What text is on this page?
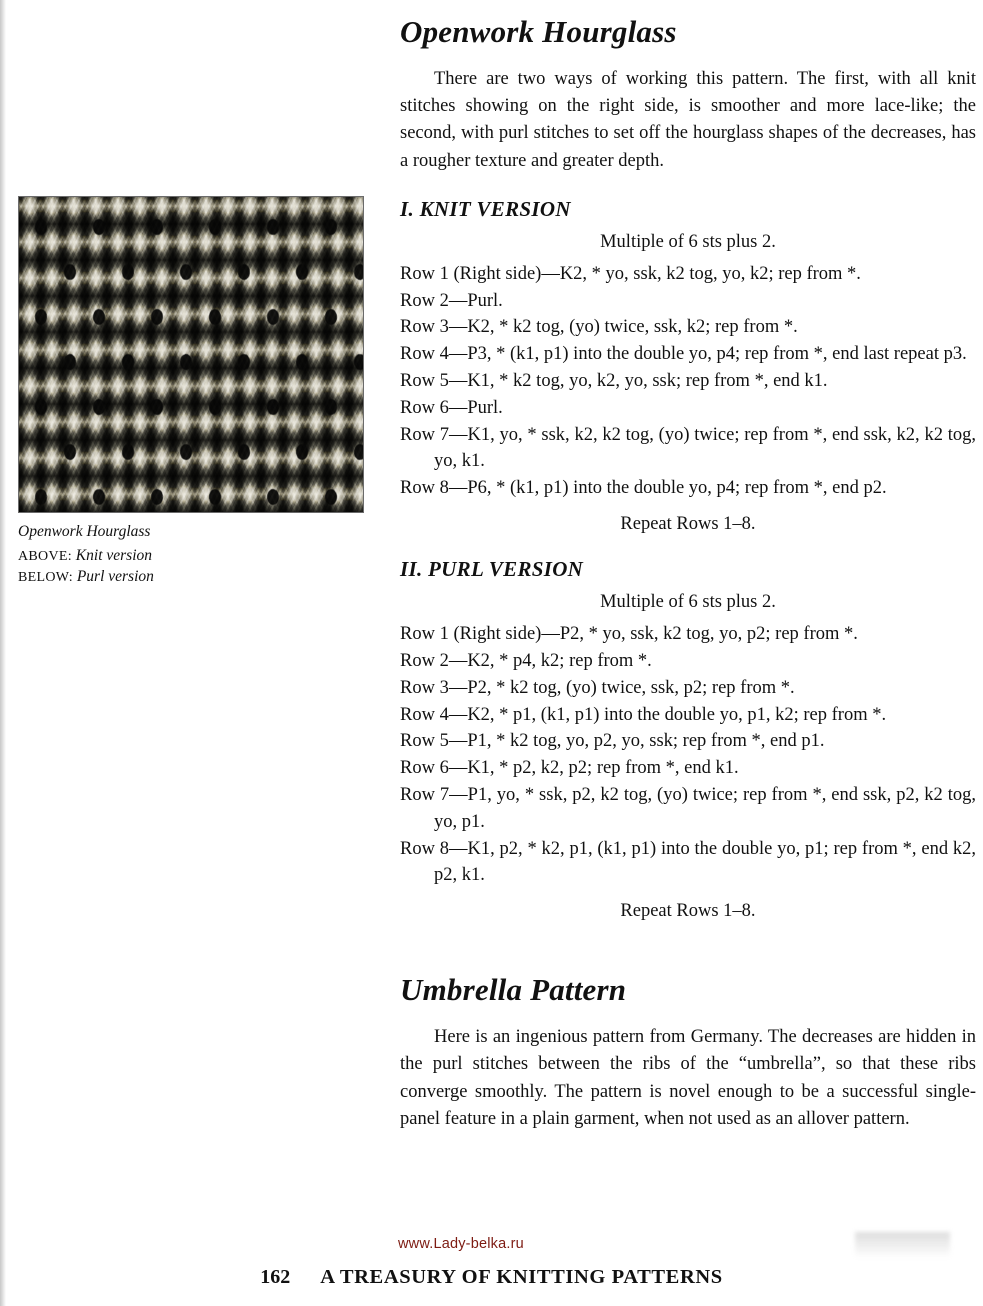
Openwork Hourglass
ABOVE: Knit version
BELOW: Purl version
Openwork Hourglass

There are two ways of working this pattern. The first, with all knit stitches showing on the right side, is smoother and more lace-like; the second, with purl stitches to set off the hourglass shapes of the decreases, has a rougher texture and greater depth.

I. KNIT VERSION
Multiple of 6 sts plus 2.

Row 1 (Right side)—K2, * yo, ssk, k2 tog, yo, k2; rep from *.

Row 2—Purl.

Row 3—K2, * k2 tog, (yo) twice, ssk, k2; rep from *.

Row 4—P3, * (k1, p1) into the double yo, p4; rep from *, end last repeat p3.

Row 5—K1, * k2 tog, yo, k2, yo, ssk; rep from *, end k1.

Row 6—Purl.

Row 7—K1, yo, * ssk, k2, k2 tog, (yo) twice; rep from *, end ssk, k2, k2 tog, yo, k1.

Row 8—P6, * (k1, p1) into the double yo, p4; rep from *, end p2.

Repeat Rows 1–8.
II. PURL VERSION
Multiple of 6 sts plus 2.

Row 1 (Right side)—P2, * yo, ssk, k2 tog, yo, p2; rep from *.

Row 2—K2, * p4, k2; rep from *.

Row 3—P2, * k2 tog, (yo) twice, ssk, p2; rep from *.

Row 4—K2, * p1, (k1, p1) into the double yo, p1, k2; rep from *.

Row 5—P1, * k2 tog, yo, p2, yo, ssk; rep from *, end p1.

Row 6—K1, * p2, k2, p2; rep from *, end k1.

Row 7—P1, yo, * ssk, p2, k2 tog, (yo) twice; rep from *, end ssk, p2, k2 tog, yo, p1.

Row 8—K1, p2, * k2, p1, (k1, p1) into the double yo, p1; rep from *, end k2, p2, k1.

Repeat Rows 1–8.
Umbrella Pattern

Here is an ingenious pattern from Germany. The decreases are hidden in the purl stitches between the ribs of the “umbrella”, so that these ribs converge smoothly. The pattern is novel enough to be a successful single-panel feature in a plain garment, when not used as an allover pattern.

www.Lady-belka.ru
162 A TREASURY OF KNITTING PATTERNS
